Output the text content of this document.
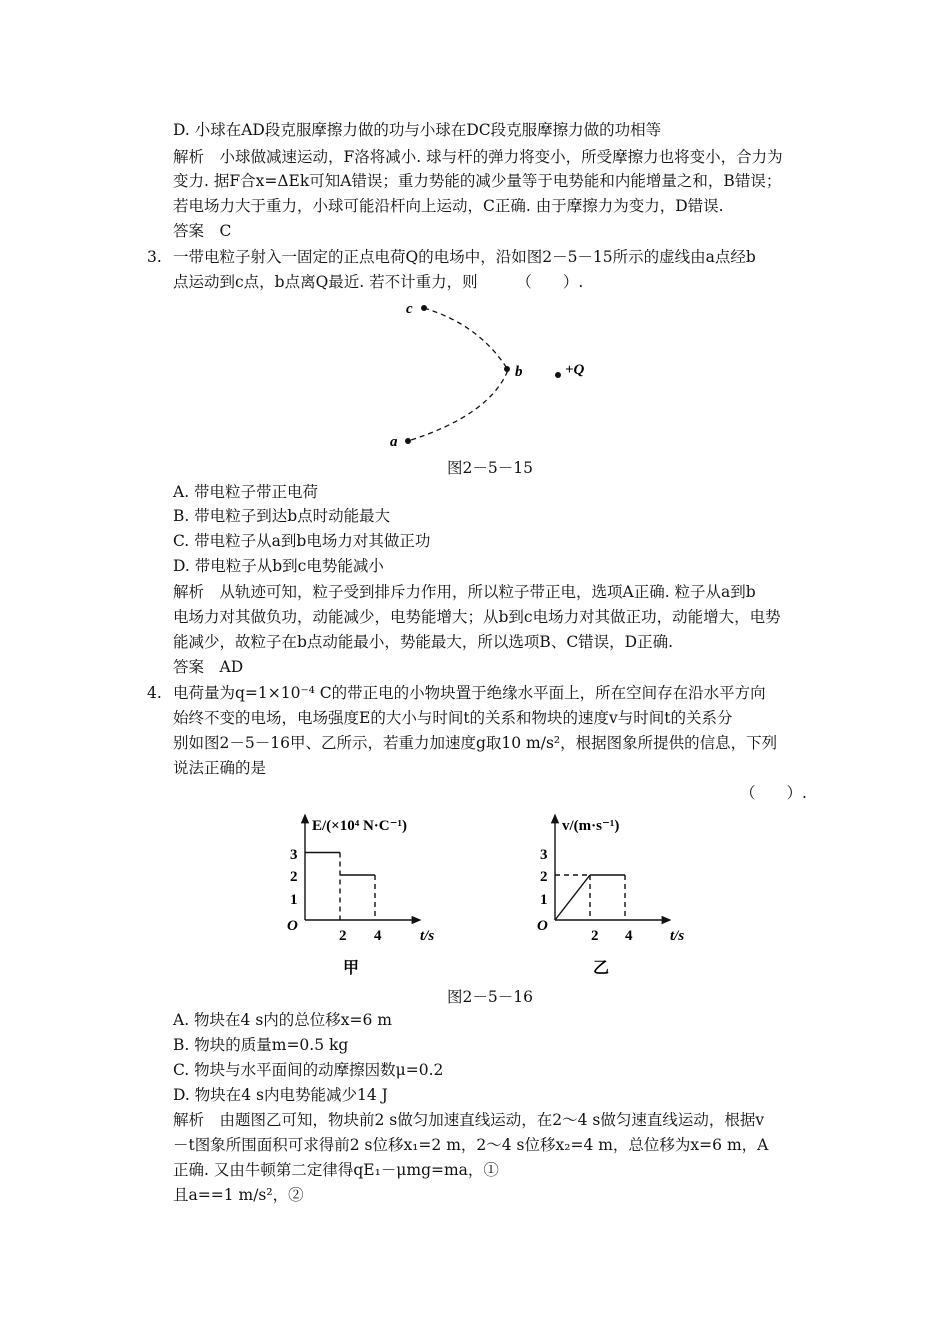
D. 小球在AD段克服摩擦力做的功与小球在DC段克服摩擦力做的功相等
解析　小球做减速运动，F洛将减小. 球与杆的弹力将变小，所受摩擦力也将变小，合力为
变力. 据F合x=ΔEk可知A错误；重力势能的减少量等于电势能和内能增量之和，B错误；
若电场力大于重力，小球可能沿杆向上运动，C正确. 由于摩擦力为变力，D错误.
答案　C
3. 一带电粒子射入一固定的正点电荷Q的电场中，沿如图2－5－15所示的虚线由a点经b
点运动到c点，b点离Q最近. 若不计重力，则　　　（　　）.
c
b
a
+Q
图2－5－15
A. 带电粒子带正电荷
B. 带电粒子到达b点时动能最大
C. 带电粒子从a到b电场力对其做正功
D. 带电粒子从b到c电势能减小
解析　从轨迹可知，粒子受到排斥力作用，所以粒子带正电，选项A正确. 粒子从a到b
电场力对其做负功，动能减少，电势能增大；从b到c电场力对其做正功，动能增大，电势
能减少，故粒子在b点动能最小，势能最大，所以选项B、C错误，D正确.
答案　AD
4. 电荷量为q=1×10⁻⁴ C的带正电的小物块置于绝缘水平面上，所在空间存在沿水平方向
始终不变的电场，电场强度E的大小与时间t的关系和物块的速度v与时间t的关系分
别如图2－5－16甲、乙所示，若重力加速度g取10 m/s²，根据图象所提供的信息，下列
说法正确的是
（　　）.
E/(×10⁴ N·C⁻¹)
t/s
O
2 4
1
2
3
甲
v/(m·s⁻¹)
t/s
O
2 4
1
2
3
乙
图2－5－16
A. 物块在4 s内的总位移x=6 m
B. 物块的质量m=0.5 kg
C. 物块与水平面间的动摩擦因数μ=0.2
D. 物块在4 s内电势能减少14 J
解析　由题图乙可知，物块前2 s做匀加速直线运动，在2～4 s做匀速直线运动，根据v
－t图象所围面积可求得前2 s位移x₁=2 m，2～4 s位移x₂=4 m，总位移为x=6 m，A
正确. 又由牛顿第二定律得qE₁－μmg=ma，①
且a==1 m/s²，②
